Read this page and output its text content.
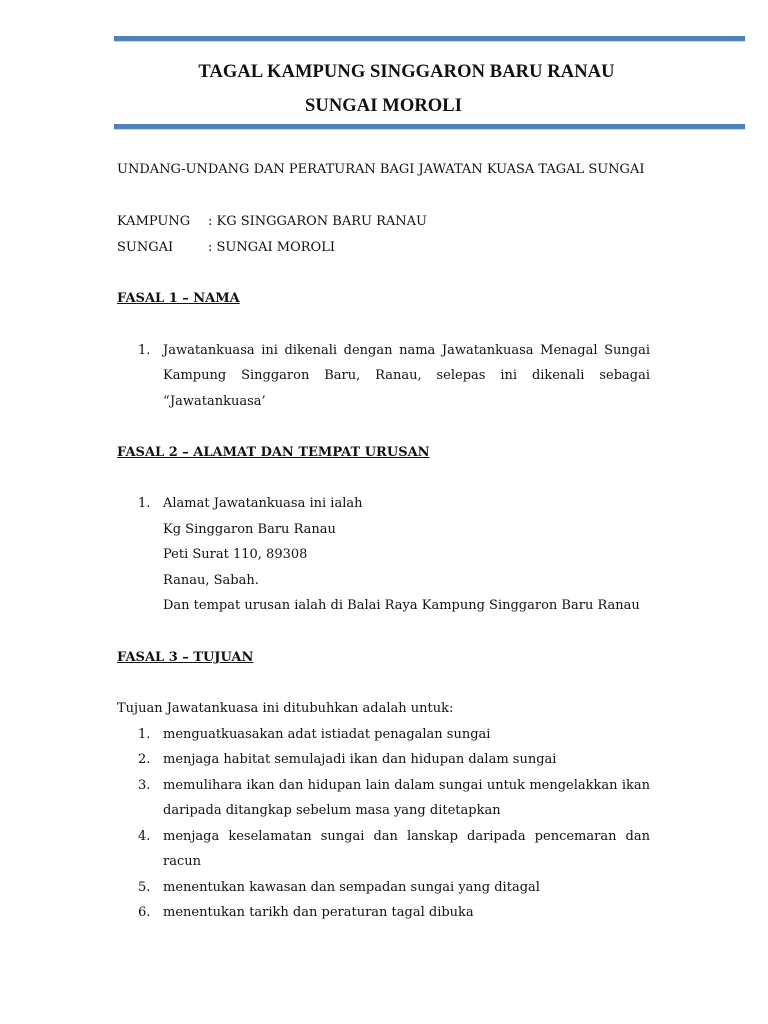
TAGAL KAMPUNG SINGGARON BARU RANAU
SUNGAI MOROLI
UNDANG-UNDANG DAN PERATURAN BAGI JAWATAN KUASA TAGAL SUNGAI
KAMPUNG : KG SINGGARON BARU RANAU
SUNGAI	: SUNGAI MOROLI
FASAL 1 – NAMA
1. Jawatankuasa ini dikenali dengan nama Jawatankuasa Menagal Sungai
Kampung Singgaron Baru, Ranau, selepas ini dikenali sebagai
“Jawatankuasa’
FASAL 2 – ALAMAT DAN TEMPAT URUSAN
1. Alamat Jawatankuasa ini ialah
Kg Singgaron Baru Ranau
Peti Surat 110, 89308
Ranau, Sabah.
Dan tempat urusan ialah di Balai Raya Kampung Singgaron Baru Ranau
FASAL 3 – TUJUAN
Tujuan Jawatankuasa ini ditubuhkan adalah untuk:
1. menguatkuasakan adat istiadat penagalan sungai
2. menjaga habitat semulajadi ikan dan hidupan dalam sungai
3. memulihara ikan dan hidupan lain dalam sungai untuk mengelakkan ikan
daripada ditangkap sebelum masa yang ditetapkan
4. menjaga keselamatan sungai dan lanskap daripada pencemaran dan
racun
5. menentukan kawasan dan sempadan sungai yang ditagal
6. menentukan tarikh dan peraturan tagal dibuka
